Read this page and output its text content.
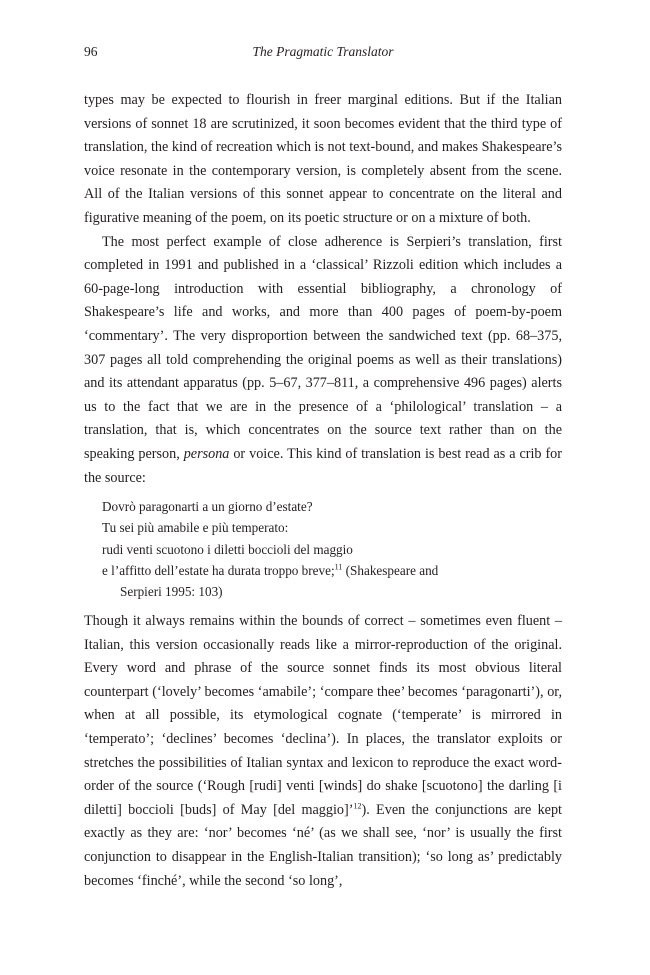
96	The Pragmatic Translator

types may be expected to flourish in freer marginal editions. But if the Italian versions of sonnet 18 are scrutinized, it soon becomes evident that the third type of translation, the kind of recreation which is not text-bound, and makes Shakespeare’s voice resonate in the contemporary version, is completely absent from the scene. All of the Italian versions of this sonnet appear to concentrate on the literal and figurative meaning of the poem, on its poetic structure or on a mixture of both.

The most perfect example of close adherence is Serpieri’s translation, first completed in 1991 and published in a ‘classical’ Rizzoli edition which includes a 60-page-long introduction with essential bibliography, a chronology of Shakespeare’s life and works, and more than 400 pages of poem-by-poem ‘commentary’. The very disproportion between the sandwiched text (pp. 68–375, 307 pages all told comprehending the original poems as well as their translations) and its attendant apparatus (pp. 5–67, 377–811, a comprehensive 496 pages) alerts us to the fact that we are in the presence of a ‘philological’ translation – a translation, that is, which concentrates on the source text rather than on the speaking person, persona or voice. This kind of translation is best read as a crib for the source:

Dovrò paragonarti a un giorno d’estate?
Tu sei più amabile e più temperato:
rudi venti scuotono i diletti boccioli del maggio
e l’affitto dell’estate ha durata troppo breve;$^{11}$ (Shakespeare and
Serpieri 1995: 103)

Though it always remains within the bounds of correct – sometimes even fluent – Italian, this version occasionally reads like a mirror-reproduction of the original. Every word and phrase of the source sonnet finds its most obvious literal counterpart (‘lovely’ becomes ‘amabile’; ‘compare thee’ becomes ‘paragonarti’), or, when at all possible, its etymological cognate (‘temperate’ is mirrored in ‘temperato’; ‘declines’ becomes ‘declina’). In places, the translator exploits or stretches the possibilities of Italian syntax and lexicon to reproduce the exact word-order of the source (‘Rough [rudi] venti [winds] do shake [scuotono] the darling [i diletti] boccioli [buds] of May [del maggio]’$^{12}$). Even the conjunctions are kept exactly as they are: ‘nor’ becomes ‘né’ (as we shall see, ‘nor’ is usually the first conjunction to disappear in the English-Italian transition); ‘so long as’ predictably becomes ‘finché’, while the second ‘so long’,
